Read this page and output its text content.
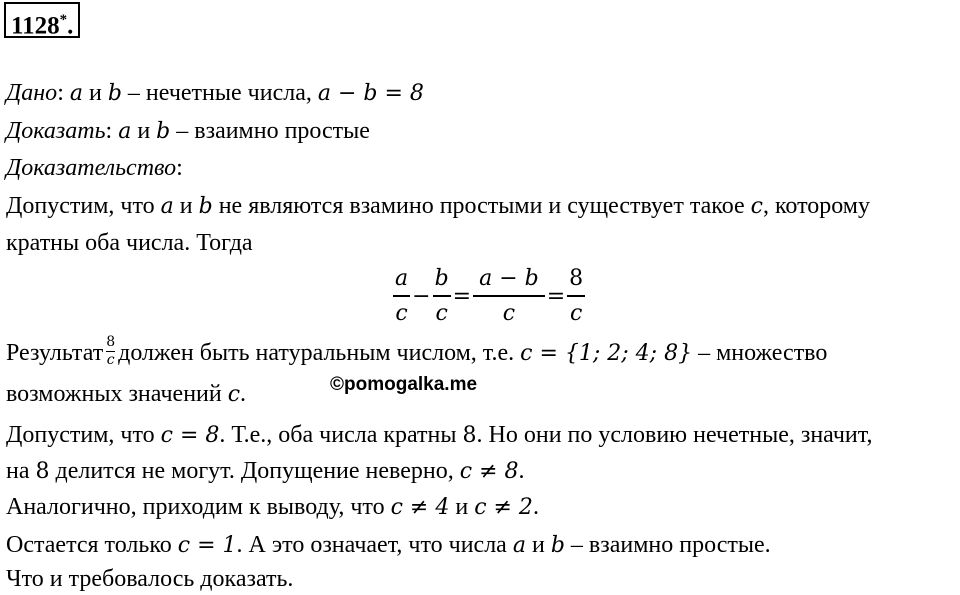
1128*.
Дано: a и b – нечетные числа, a − b = 8
Доказать: a и b – взаимно простые
Доказательство:
Допустим, что a и b не являются взамино простыми и существует такое c, которому
кратны оба числа. Тогда
$\frac{a}{c} - \frac{b}{c} = \frac{a - b}{c} = \frac{8}{c}$
Результат $\frac{8}{c}$ должен быть натуральным числом, т.е. c = {1; 2; 4; 8} – множество
возможных значений c.	©pomogalka.me
Допустим, что c = 8. Т.е., оба числа кратны 8. Но они по условию нечетные, значит,
на 8 делится не могут. Допущение неверно, c ≠ 8.
Аналогично, приходим к выводу, что c ≠ 4 и c ≠ 2.
Остается только c = 1. А это означает, что числа a и b – взаимно простые.
Что и требовалось доказать.
